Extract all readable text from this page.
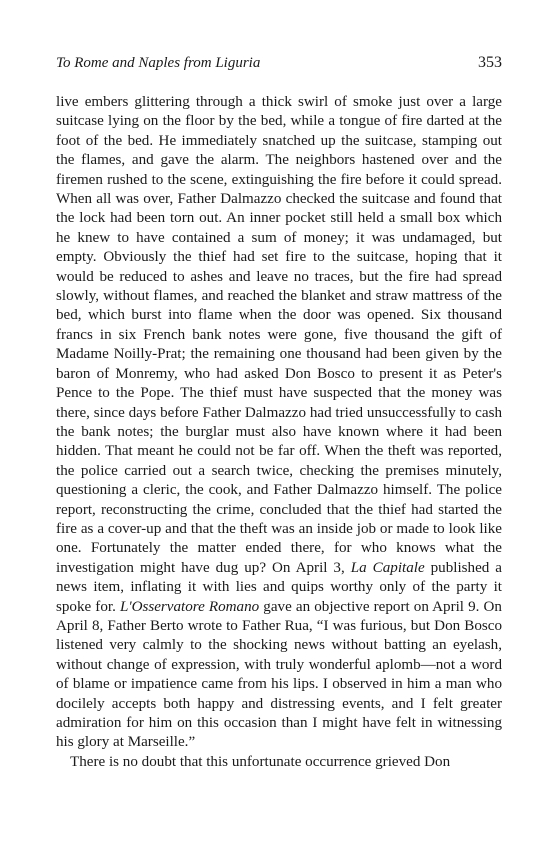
To Rome and Naples from Liguria	353

live embers glittering through a thick swirl of smoke just over a large suitcase lying on the floor by the bed, while a tongue of fire darted at the foot of the bed. He immediately snatched up the suitcase, stamping out the flames, and gave the alarm. The neighbors hastened over and the firemen rushed to the scene, extinguishing the fire before it could spread. When all was over, Father Dalmazzo checked the suitcase and found that the lock had been torn out. An inner pocket still held a small box which he knew to have contained a sum of money; it was undamaged, but empty. Obviously the thief had set fire to the suitcase, hoping that it would be reduced to ashes and leave no traces, but the fire had spread slowly, without flames, and reached the blanket and straw mattress of the bed, which burst into flame when the door was opened. Six thousand francs in six French bank notes were gone, five thousand the gift of Madame Noilly-Prat; the remaining one thousand had been given by the baron of Monremy, who had asked Don Bosco to present it as Peter's Pence to the Pope. The thief must have suspected that the money was there, since days before Father Dalmazzo had tried unsuccessfully to cash the bank notes; the burglar must also have known where it had been hidden. That meant he could not be far off. When the theft was reported, the police carried out a search twice, checking the premises minutely, questioning a cleric, the cook, and Father Dalmazzo himself. The police report, reconstructing the crime, concluded that the thief had started the fire as a cover-up and that the theft was an inside job or made to look like one. Fortunately the matter ended there, for who knows what the investigation might have dug up? On April 3, La Capitale published a news item, inflating it with lies and quips worthy only of the party it spoke for. L'Osservatore Romano gave an objective report on April 9. On April 8, Father Berto wrote to Father Rua, “I was furious, but Don Bosco listened very calmly to the shocking news without batting an eyelash, without change of expression, with truly wonderful aplomb—not a word of blame or impatience came from his lips. I observed in him a man who docilely accepts both happy and distressing events, and I felt greater admiration for him on this occasion than I might have felt in witnessing his glory at Marseille.”

There is no doubt that this unfortunate occurrence grieved Don
